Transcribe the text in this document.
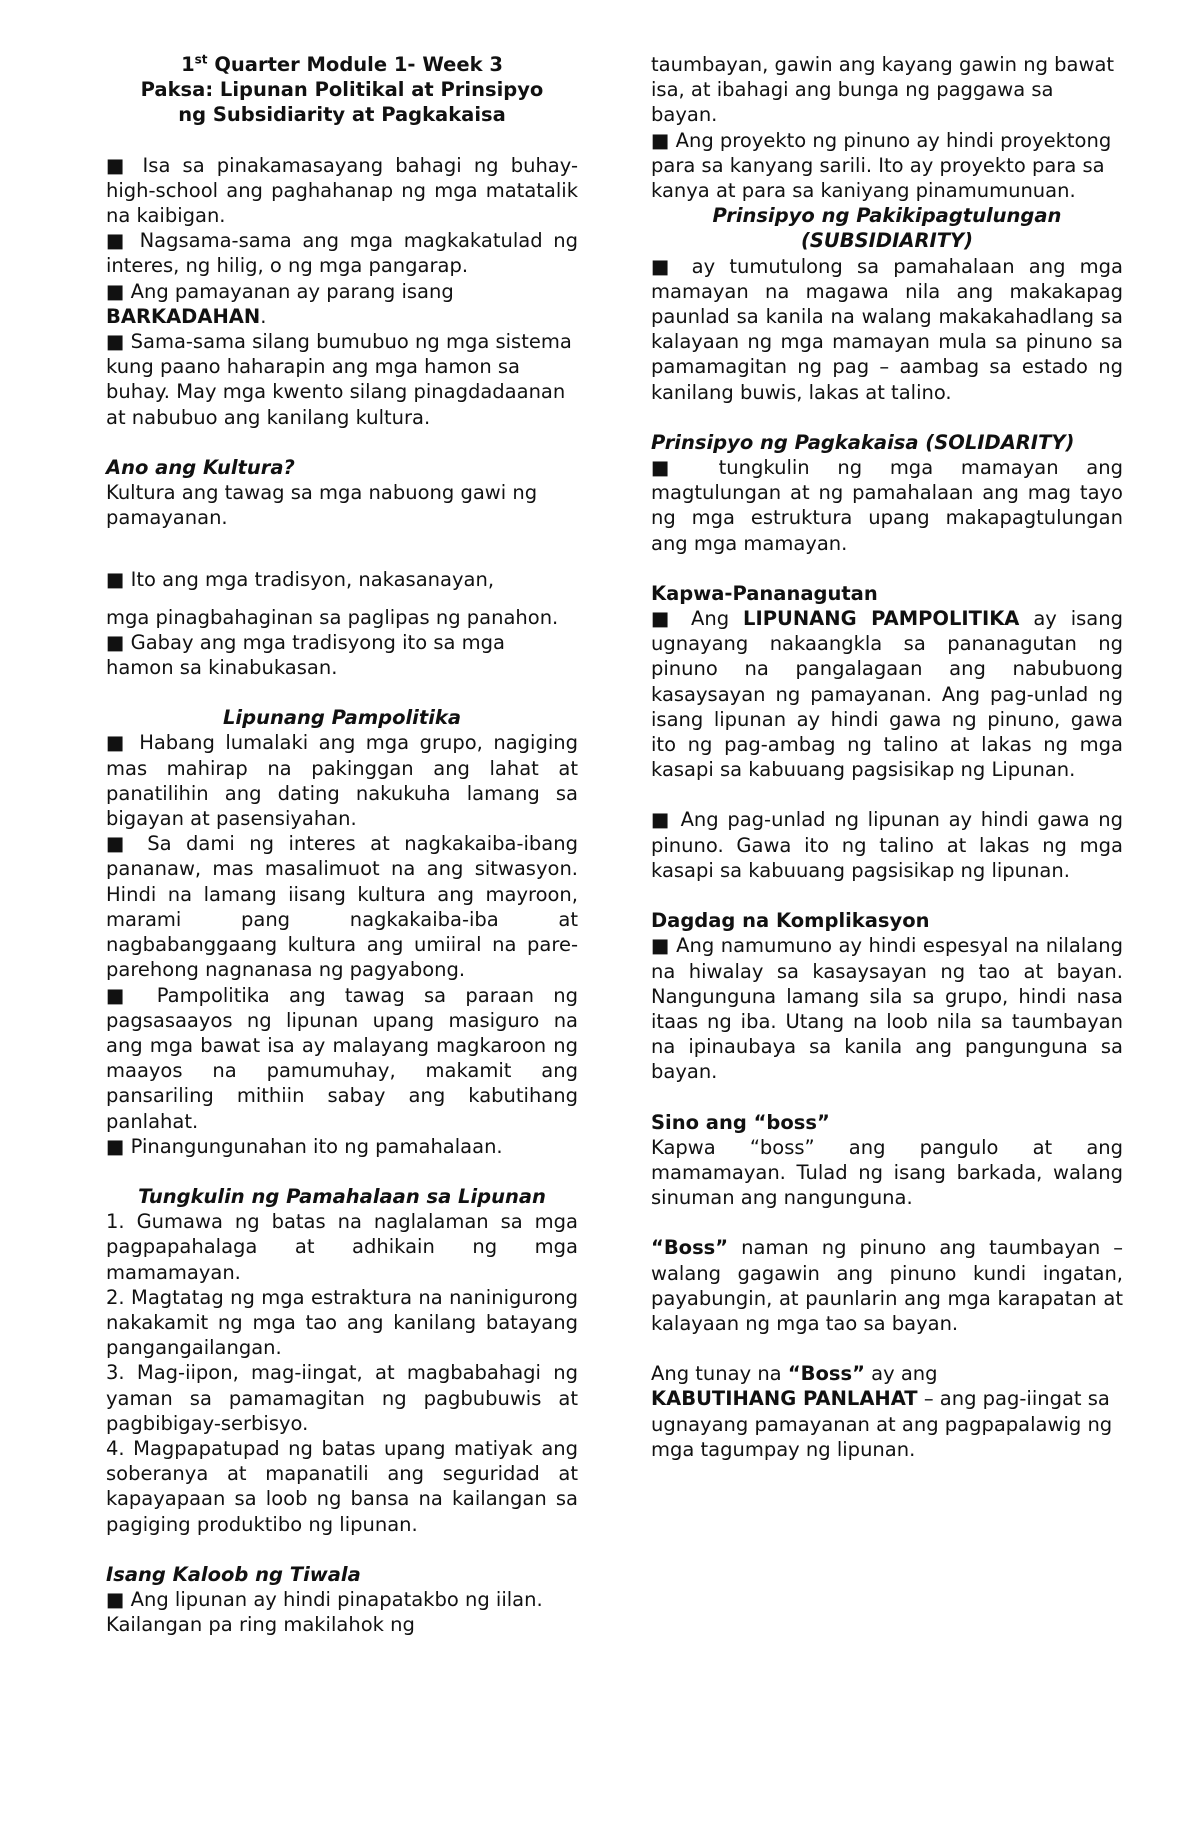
1st Quarter Module 1- Week 3

Paksa: Lipunan Politikal at Prinsipyo

ng Subsidiarity at Pagkakaisa

■ Isa sa pinakamasayang bahagi ng buhay-high-school ang paghahanap ng mga matatalik na kaibigan.

■ Nagsama-sama ang mga magkakatulad ng interes, ng hilig, o ng mga pangarap.

■ Ang pamayanan ay parang isang
BARKADAHAN.

■ Sama-sama silang bumubuo ng mga sistema kung paano haharapin ang mga hamon sa buhay. May mga kwento silang pinagdadaanan at nabubuo ang kanilang kultura.

Ano ang Kultura?

Kultura ang tawag sa mga nabuong gawi ng pamayanan.

■ Ito ang mga tradisyon, nakasanayan,

mga pinagbahaginan sa paglipas ng panahon.

■ Gabay ang mga tradisyong ito sa mga hamon sa kinabukasan.

Lipunang Pampolitika

■ Habang lumalaki ang mga grupo, nagiging mas mahirap na pakinggan ang lahat at panatilihin ang dating nakukuha lamang sa bigayan at pasensiyahan.

■ Sa dami ng interes at nagkakaiba-ibang pananaw, mas masalimuot na ang sitwasyon. Hindi na lamang iisang kultura ang mayroon, marami pang nagkakaiba-iba at nagbabanggaang kultura ang umiiral na pare-parehong nagnanasa ng pagyabong.

■ Pampolitika ang tawag sa paraan ng pagsasaayos ng lipunan upang masiguro na ang mga bawat isa ay malayang magkaroon ng maayos na pamumuhay, makamit ang pansariling mithiin sabay ang kabutihang panlahat.

■ Pinangungunahan ito ng pamahalaan.

Tungkulin ng Pamahalaan sa Lipunan

1. Gumawa ng batas na naglalaman sa mga pagpapahalaga at adhikain ng mga mamamayan.

2. Magtatag ng mga estraktura na naninigurong nakakamit ng mga tao ang kanilang batayang pangangailangan.

3. Mag-iipon, mag-iingat, at magbabahagi ng yaman sa pamamagitan ng pagbubuwis at pagbibigay-serbisyo.

4. Magpapatupad ng batas upang matiyak ang soberanya at mapanatili ang seguridad at kapayapaan sa loob ng bansa na kailangan sa pagiging produktibo ng lipunan.

Isang Kaloob ng Tiwala

■ Ang lipunan ay hindi pinapatakbo ng iilan. Kailangan pa ring makilahok ng

taumbayan, gawin ang kayang gawin ng bawat isa, at ibahagi ang bunga ng paggawa sa bayan.

■ Ang proyekto ng pinuno ay hindi proyektong para sa kanyang sarili. Ito ay proyekto para sa kanya at para sa kaniyang pinamumunuan.

Prinsipyo ng Pakikipagtulungan

(SUBSIDIARITY)

■ ay tumutulong sa pamahalaan ang mga mamayan na magawa nila ang makakapag paunlad sa kanila na walang makakahadlang sa kalayaan ng mga mamayan mula sa pinuno sa pamamagitan ng pag – aambag sa estado ng kanilang buwis, lakas at talino.

Prinsipyo ng Pagkakaisa (SOLIDARITY)

■ tungkulin ng mga mamayan ang magtulungan at ng pamahalaan ang mag tayo ng mga estruktura upang makapagtulungan ang mga mamayan.

Kapwa-Pananagutan

■ Ang LIPUNANG PAMPOLITIKA ay isang ugnayang nakaangkla sa pananagutan ng pinuno na pangalagaan ang nabubuong kasaysayan ng pamayanan. Ang pag-unlad ng isang lipunan ay hindi gawa ng pinuno, gawa ito ng pag-ambag ng talino at lakas ng mga kasapi sa kabuuang pagsisikap ng Lipunan.

■ Ang pag-unlad ng lipunan ay hindi gawa ng pinuno. Gawa ito ng talino at lakas ng mga kasapi sa kabuuang pagsisikap ng lipunan.

Dagdag na Komplikasyon

■ Ang namumuno ay hindi espesyal na nilalang na hiwalay sa kasaysayan ng tao at bayan. Nangunguna lamang sila sa grupo, hindi nasa itaas ng iba. Utang na loob nila sa taumbayan na ipinaubaya sa kanila ang pangunguna sa bayan.

Sino ang “boss”

Kapwa “boss” ang pangulo at ang mamamayan. Tulad ng isang barkada, walang sinuman ang nangunguna.

“Boss” naman ng pinuno ang taumbayan – walang gagawin ang pinuno kundi ingatan, payabungin, at paunlarin ang mga karapatan at kalayaan ng mga tao sa bayan.

Ang tunay na “Boss” ay ang
KABUTIHANG PANLAHAT – ang pag-iingat sa ugnayang pamayanan at ang pagpapalawig ng mga tagumpay ng lipunan.
